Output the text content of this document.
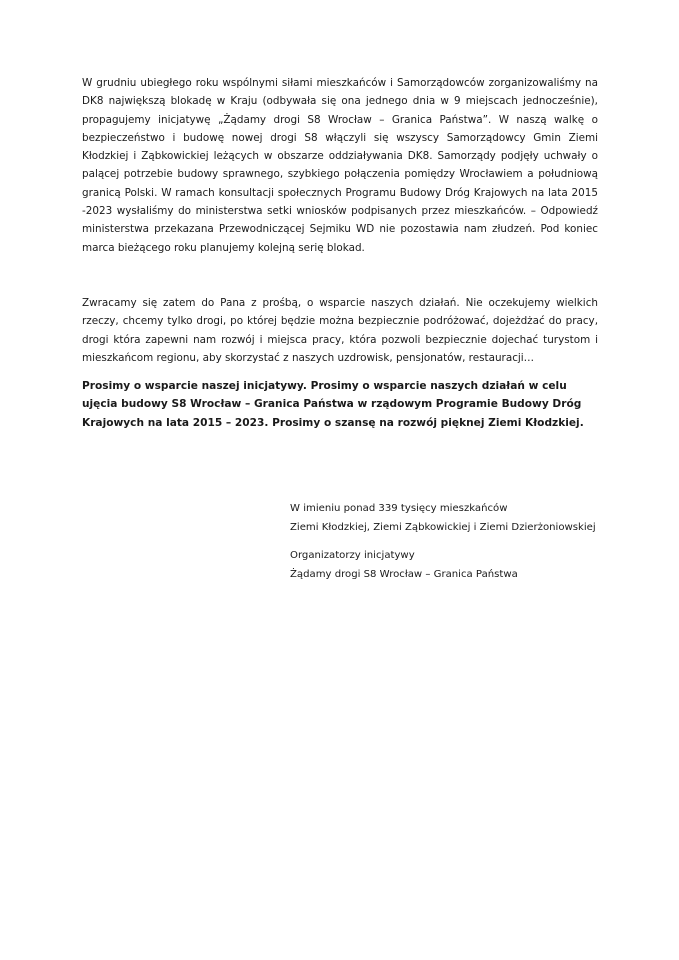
W grudniu ubiegłego roku wspólnymi siłami mieszkańców i Samorządowców zorganizowaliśmy na DK8 największą blokadę w Kraju (odbywała się ona jednego dnia w 9 miejscach jednocześnie), propagujemy inicjatywę „Żądamy drogi S8 Wrocław – Granica Państwa”. W naszą walkę o bezpieczeństwo i budowę nowej drogi S8 włączyli się wszyscy Samorządowcy Gmin Ziemi Kłodzkiej i Ząbkowickiej leżących w obszarze oddziaływania DK8. Samorządy podjęły uchwały o palącej potrzebie budowy sprawnego, szybkiego połączenia pomiędzy Wrocławiem a południową granicą Polski. W ramach konsultacji społecznych Programu Budowy Dróg Krajowych na lata 2015 -2023 wysłaliśmy do ministerstwa setki wniosków podpisanych przez mieszkańców. – Odpowiedź ministerstwa przekazana Przewodniczącej Sejmiku WD nie pozostawia nam złudzeń. Pod koniec marca bieżącego roku planujemy kolejną serię blokad.

Zwracamy się zatem do Pana z prośbą, o wsparcie naszych działań. Nie oczekujemy wielkich rzeczy, chcemy tylko drogi, po której będzie można bezpiecznie podróżować, dojeżdżać do pracy, drogi która zapewni nam rozwój i miejsca pracy, która pozwoli bezpiecznie dojechać turystom i mieszkańcom regionu, aby skorzystać z naszych uzdrowisk, pensjonatów, restauracji…

Prosimy o wsparcie naszej inicjatywy. Prosimy o wsparcie naszych działań w celu ujęcia budowy S8 Wrocław – Granica Państwa w rządowym Programie Budowy Dróg Krajowych na lata 2015 – 2023. Prosimy o szansę na rozwój pięknej Ziemi Kłodzkiej.

W imieniu ponad 339 tysięcy mieszkańców
Ziemi Kłodzkiej, Ziemi Ząbkowickiej i Ziemi Dzierżoniowskiej
Organizatorzy inicjatywy
Żądamy drogi S8 Wrocław – Granica Państwa
